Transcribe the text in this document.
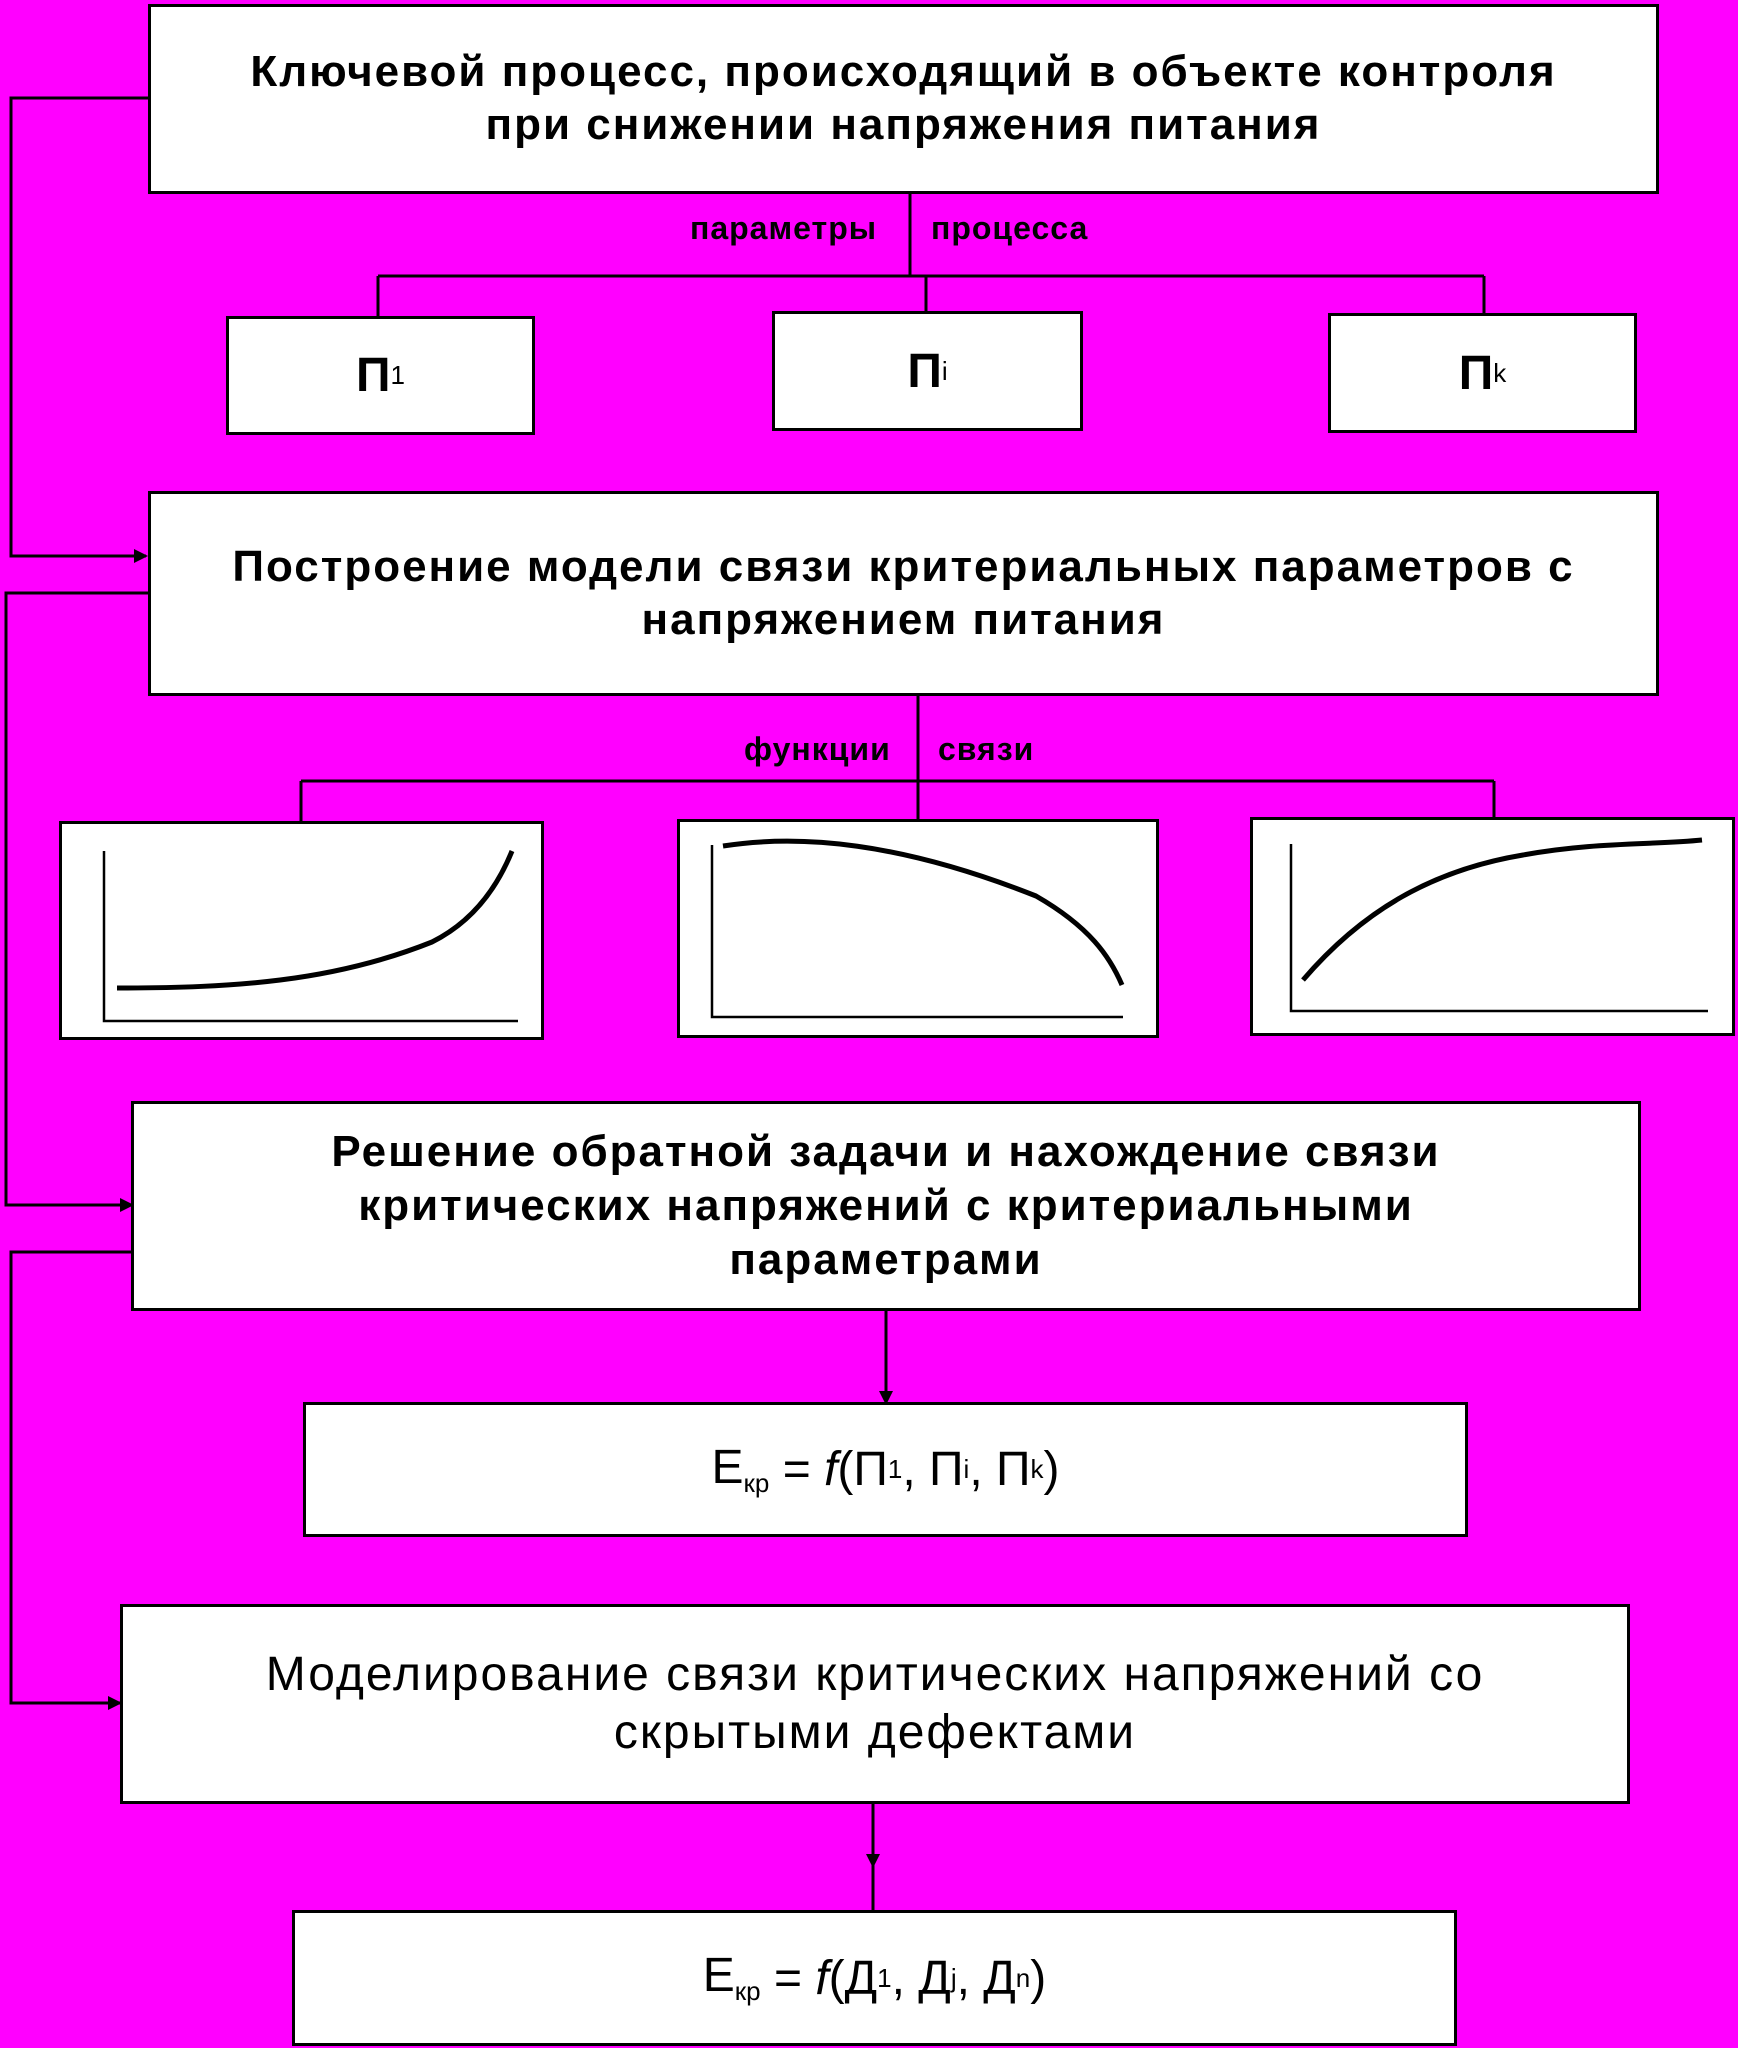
Ключевой процесс, происходящий в объекте контроля при снижении напряжения питания
параметры процесса
П 1	П i	П k
Построение модели связи критериальных параметров с напряжением питания
функции связи
Решение обратной задачи и нахождение связи критических напряжений с критериальными параметрами
$Е_{кр} = f$ ( П 1 , П i , П k )
Моделирование связи критических напряжений со скрытыми дефектами
$Е_{кр} = f$ ( Д 1 , Д j , Д n )
